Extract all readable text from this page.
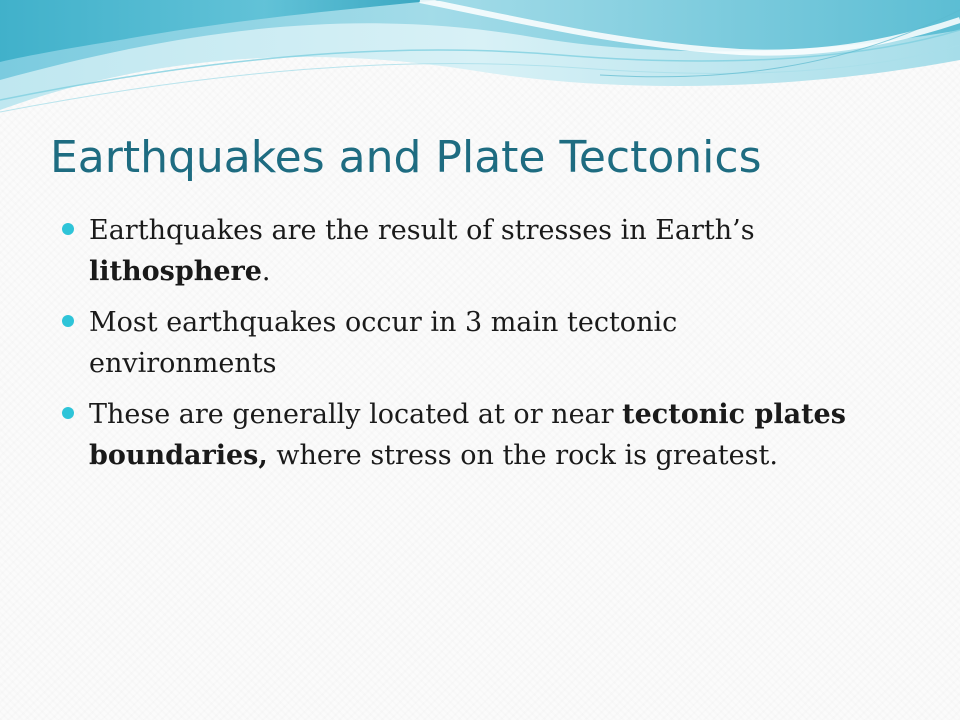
Earthquakes and Plate Tectonics
Earthquakes are the result of stresses in Earth’s lithosphere.
Most earthquakes occur in 3 main tectonic environments
These are generally located at or near tectonic plates boundaries, where stress on the rock is greatest.
